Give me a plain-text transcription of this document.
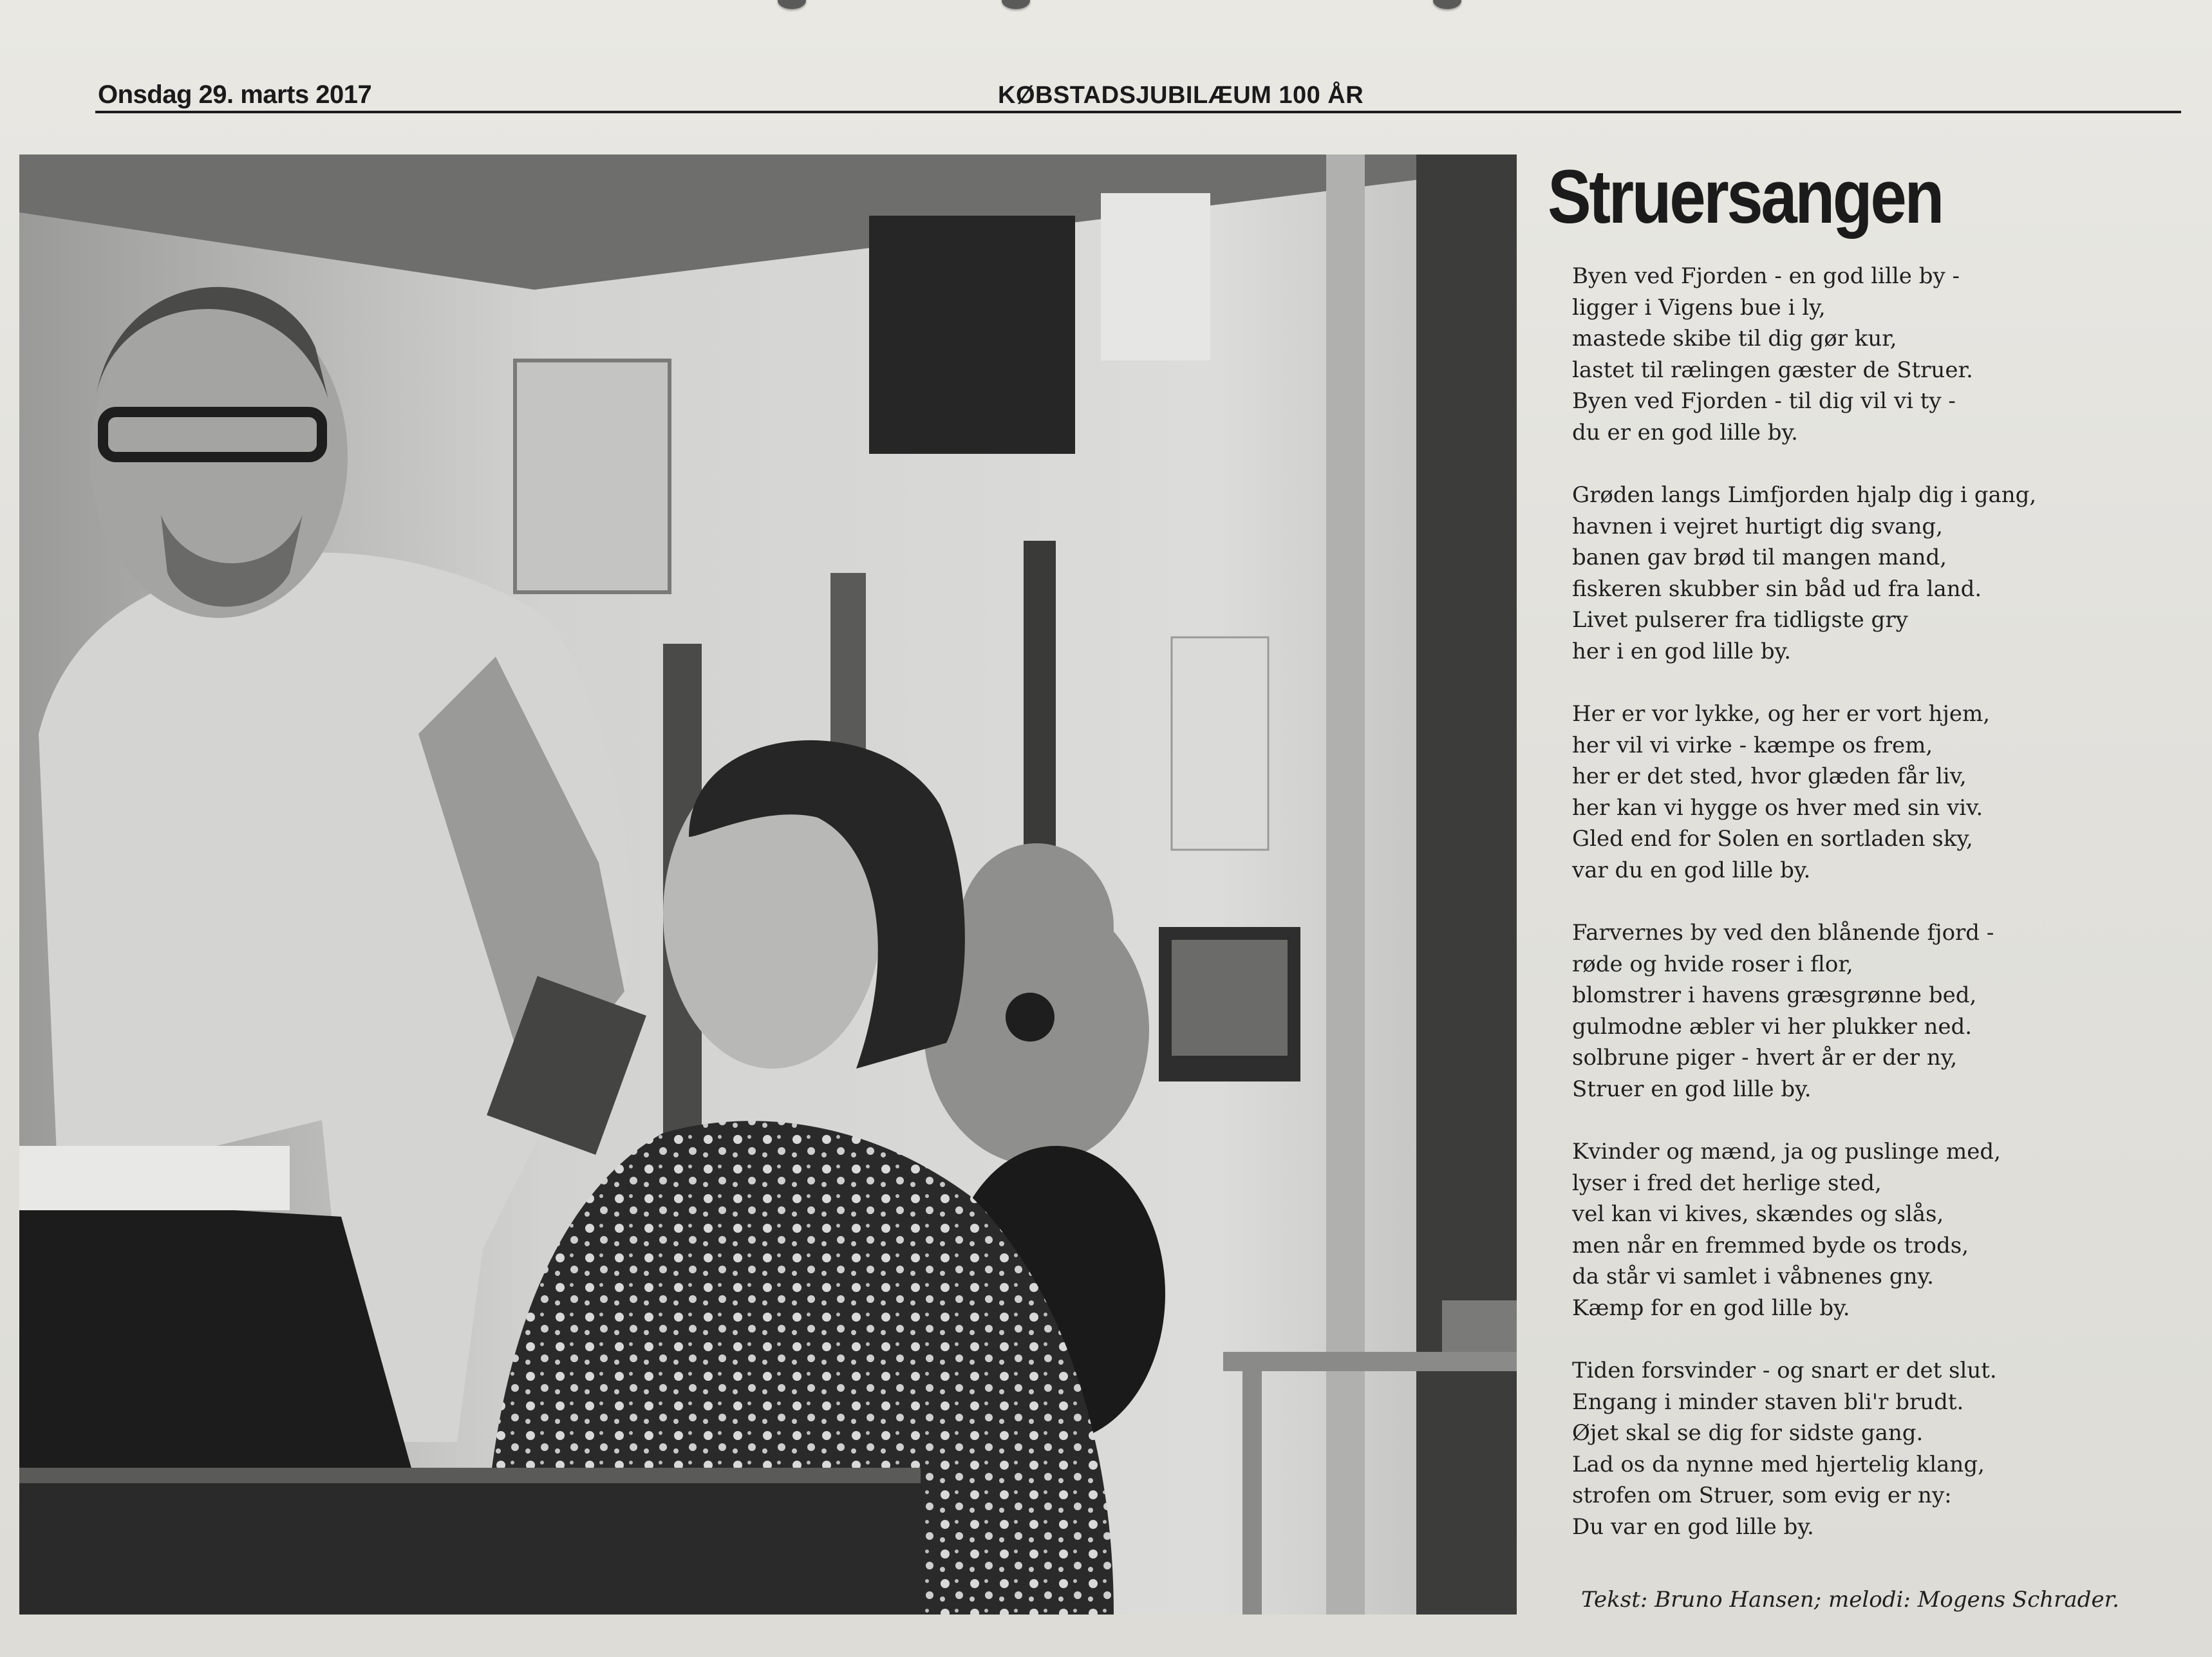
Onsdag 29. marts 2017	KØBSTADSJUBILÆUM 100 ÅR
Struersangen
Byen ved Fjorden - en god lille by -
ligger i Vigens bue i ly,
mastede skibe til dig gør kur,
lastet til rælingen gæster de Struer.
Byen ved Fjorden - til dig vil vi ty -
du er en god lille by.
Grøden langs Limfjorden hjalp dig i gang,
havnen i vejret hurtigt dig svang,
banen gav brød til mangen mand,
fiskeren skubber sin båd ud fra land.
Livet pulserer fra tidligste gry
her i en god lille by.
Her er vor lykke, og her er vort hjem,
her vil vi virke - kæmpe os frem,
her er det sted, hvor glæden får liv,
her kan vi hygge os hver med sin viv.
Gled end for Solen en sortladen sky,
var du en god lille by.
Farvernes by ved den blånende fjord -
røde og hvide roser i flor,
blomstrer i havens græsgrønne bed,
gulmodne æbler vi her plukker ned.
solbrune piger - hvert år er der ny,
Struer en god lille by.
Kvinder og mænd, ja og puslinge med,
lyser i fred det herlige sted,
vel kan vi kives, skændes og slås,
men når en fremmed byde os trods,
da står vi samlet i våbnenes gny.
Kæmp for en god lille by.
Tiden forsvinder - og snart er det slut.
Engang i minder staven bli'r brudt.
Øjet skal se dig for sidste gang.
Lad os da nynne med hjertelig klang,
strofen om Struer, som evig er ny:
Du var en god lille by.
Tekst: Bruno Hansen; melodi: Mogens Schrader.
